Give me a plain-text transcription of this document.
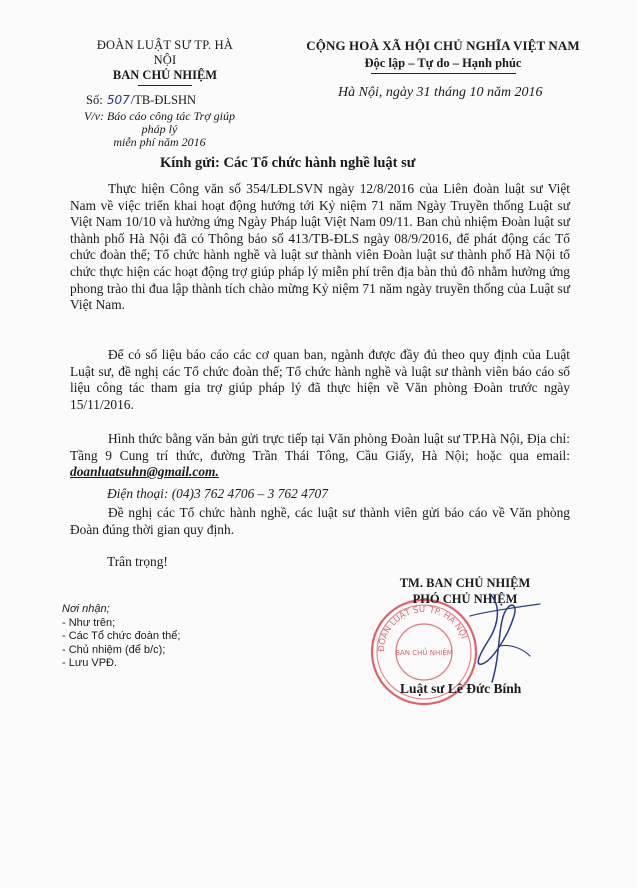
ĐOÀN LUẬT SƯ TP. HÀ NỘI
BAN CHỦ NHIỆM
Số: 507/TB-ĐLSHN
V/v: Báo cáo công tác Trợ giúp pháp lý
miễn phí năm 2016
CỘNG HOÀ XÃ HỘI CHỦ NGHĨA VIỆT NAM
Độc lập – Tự do – Hạnh phúc
Hà Nội, ngày 31 tháng 10 năm 2016
Kính gửi: Các Tổ chức hành nghề luật sư
Thực hiện Công văn số 354/LĐLSVN ngày 12/8/2016 của Liên đoàn luật sư Việt Nam về việc triển khai hoạt động hướng tới Kỷ niệm 71 năm Ngày Truyền thống Luật sư Việt Nam 10/10 và hưởng ứng Ngày Pháp luật Việt Nam 09/11. Ban chủ nhiệm Đoàn luật sư thành phố Hà Nội đã có Thông báo số 413/TB-ĐLS ngày 08/9/2016, để phát động các Tổ chức đoàn thể; Tổ chức hành nghề và luật sư thành viên Đoàn luật sư thành phố Hà Nội tổ chức thực hiện các hoạt động trợ giúp pháp lý miễn phí trên địa bàn thủ đô nhằm hưởng ứng phong trào thi đua lập thành tích chào mừng Kỷ niệm 71 năm ngày truyền thống của Luật sư Việt Nam.
Để có số liệu báo cáo các cơ quan ban, ngành được đầy đủ theo quy định của Luật Luật sư, đề nghị các Tổ chức đoàn thể; Tổ chức hành nghề và luật sư thành viên báo cáo số liệu công tác tham gia trợ giúp pháp lý đã thực hiện về Văn phòng Đoàn trước ngày 15/11/2016.
Hình thức bằng văn bản gửi trực tiếp tại Văn phòng Đoàn luật sư TP.Hà Nội, Địa chỉ: Tầng 9 Cung trí thức, đường Trần Thái Tông, Cầu Giấy, Hà Nội; hoặc qua email: doanluatsuhn@gmail.com.
Điện thoại: (04)3 762 4706 – 3 762 4707
Đề nghị các Tổ chức hành nghề, các luật sư thành viên gửi báo cáo về Văn phòng Đoàn đúng thời gian quy định.
Trân trọng!
Nơi nhận;
- Như trên;
- Các Tổ chức đoàn thể;
- Chủ nhiệm (để b/c);
- Lưu VPĐ.
ĐOÀN LUẬT SƯ TP. HÀ NỘI
BAN CHỦ NHIỆM
TM. BAN CHỦ NHIỆM
PHÓ CHỦ NHIỆM
Luật sư Lê Đức Bính
